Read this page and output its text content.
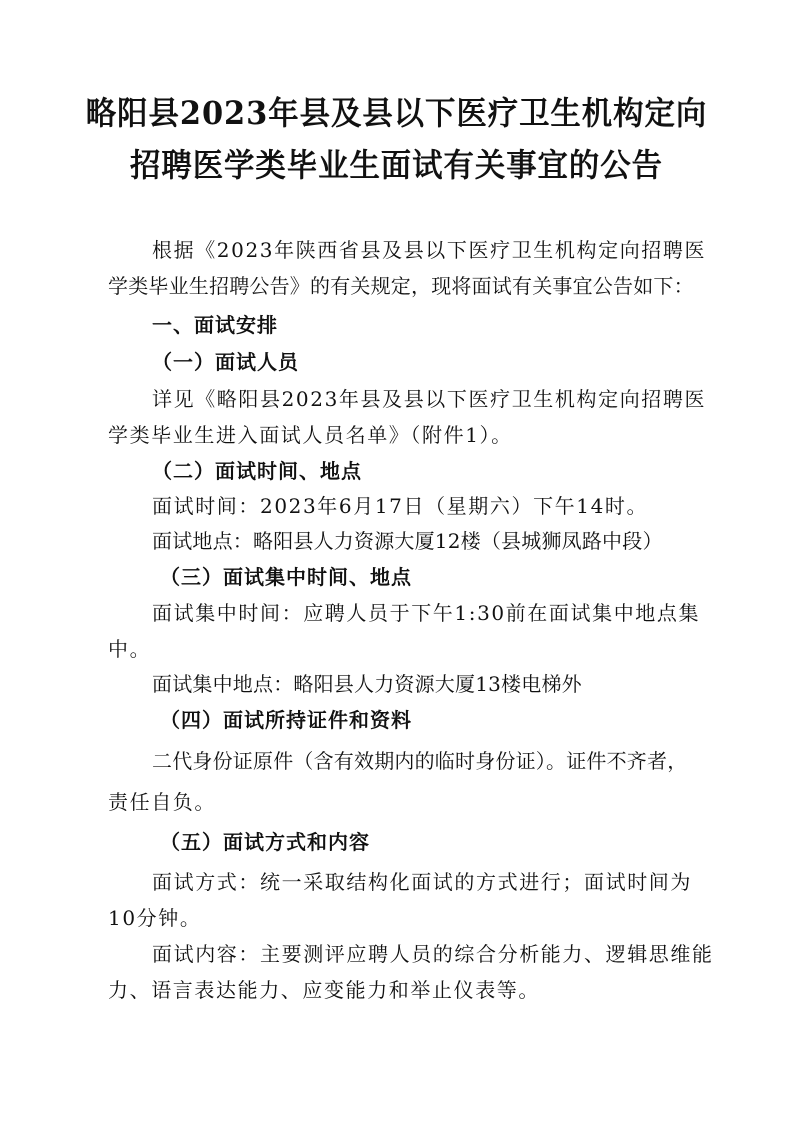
略阳县2023年县及县以下医疗卫生机构定向
招聘医学类毕业生面试有关事宜的公告
根据《2023年陕西省县及县以下医疗卫生机构定向招聘医
学类毕业生招聘公告》的有关规定，现将面试有关事宜公告如下：
一、面试安排
（一）面试人员
详见《略阳县2023年县及县以下医疗卫生机构定向招聘医
学类毕业生进入面试人员名单》（附件1）。
（二）面试时间、地点
面试时间：2023年6月17日（星期六）下午14时。
面试地点：略阳县人力资源大厦12楼（县城狮凤路中段）
（三）面试集中时间、地点
面试集中时间：应聘人员于下午1:30前在面试集中地点集
中。
面试集中地点：略阳县人力资源大厦13楼电梯外
（四）面试所持证件和资料
二代身份证原件（含有效期内的临时身份证）。证件不齐者，
责任自负。
（五）面试方式和内容
面试方式：统一采取结构化面试的方式进行；面试时间为
10分钟。
面试内容：主要测评应聘人员的综合分析能力、逻辑思维能
力、语言表达能力、应变能力和举止仪表等。
